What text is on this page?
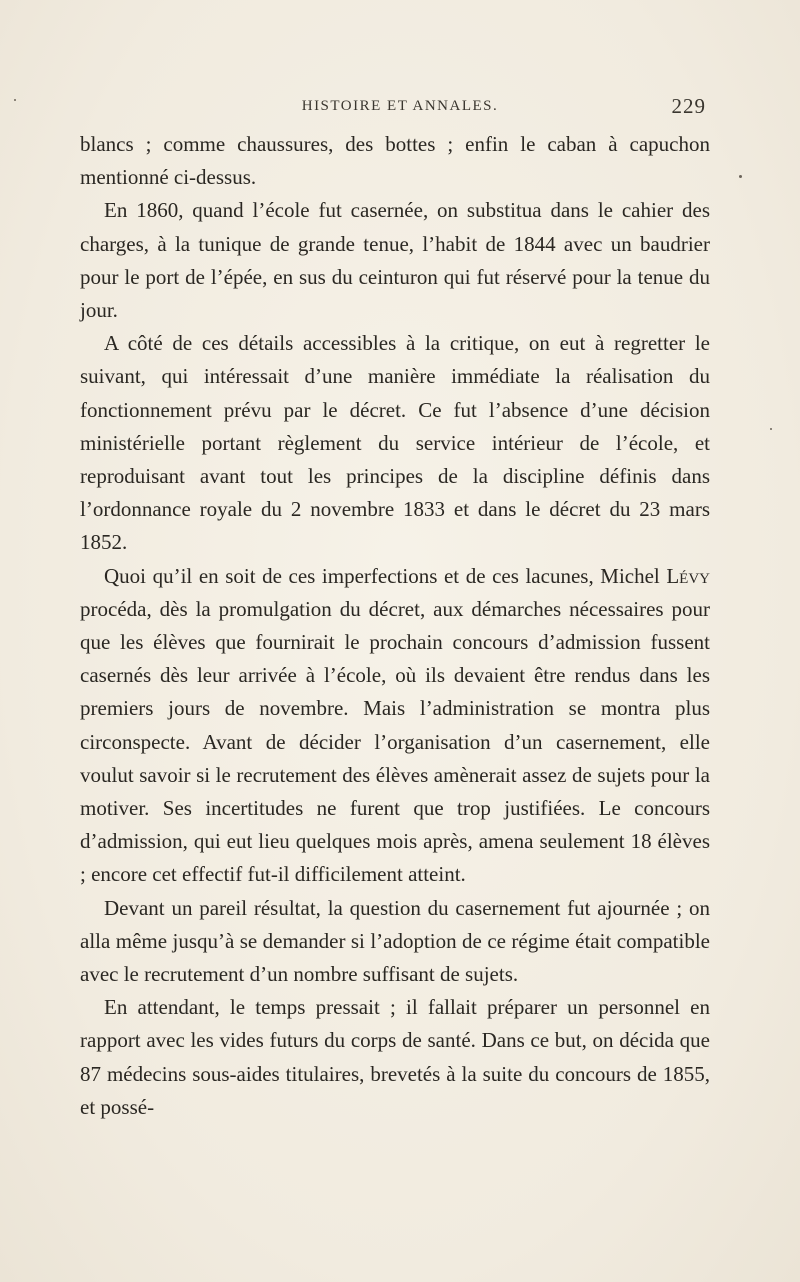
HISTOIRE ET ANNALES.	229

blancs ; comme chaussures, des bottes ; enfin le caban à capuchon mentionné ci-dessus.

En 1860, quand l’école fut casernée, on substitua dans le cahier des charges, à la tunique de grande tenue, l’habit de 1844 avec un baudrier pour le port de l’épée, en sus du ceinturon qui fut réservé pour la tenue du jour.

A côté de ces détails accessibles à la critique, on eut à regretter le suivant, qui intéressait d’une manière immédiate la réalisation du fonctionnement prévu par le décret. Ce fut l’absence d’une décision ministérielle portant règlement du service intérieur de l’école, et reproduisant avant tout les principes de la discipline définis dans l’ordonnance royale du 2 novembre 1833 et dans le décret du 23 mars 1852.

Quoi qu’il en soit de ces imperfections et de ces lacunes, Michel Lévy procéda, dès la promulgation du décret, aux démarches nécessaires pour que les élèves que fournirait le prochain concours d’admission fussent casernés dès leur arrivée à l’école, où ils devaient être rendus dans les premiers jours de novembre. Mais l’administration se montra plus circonspecte. Avant de décider l’organisation d’un casernement, elle voulut savoir si le recrutement des élèves amènerait assez de sujets pour la motiver. Ses incertitudes ne furent que trop justifiées. Le concours d’admission, qui eut lieu quelques mois après, amena seulement 18 élèves ; encore cet effectif fut-il difficilement atteint.

Devant un pareil résultat, la question du casernement fut ajournée ; on alla même jusqu’à se demander si l’adoption de ce régime était compatible avec le recrutement d’un nombre suffisant de sujets.

En attendant, le temps pressait ; il fallait préparer un personnel en rapport avec les vides futurs du corps de santé. Dans ce but, on décida que 87 médecins sous-aides titulaires, brevetés à la suite du concours de 1855, et possé-
